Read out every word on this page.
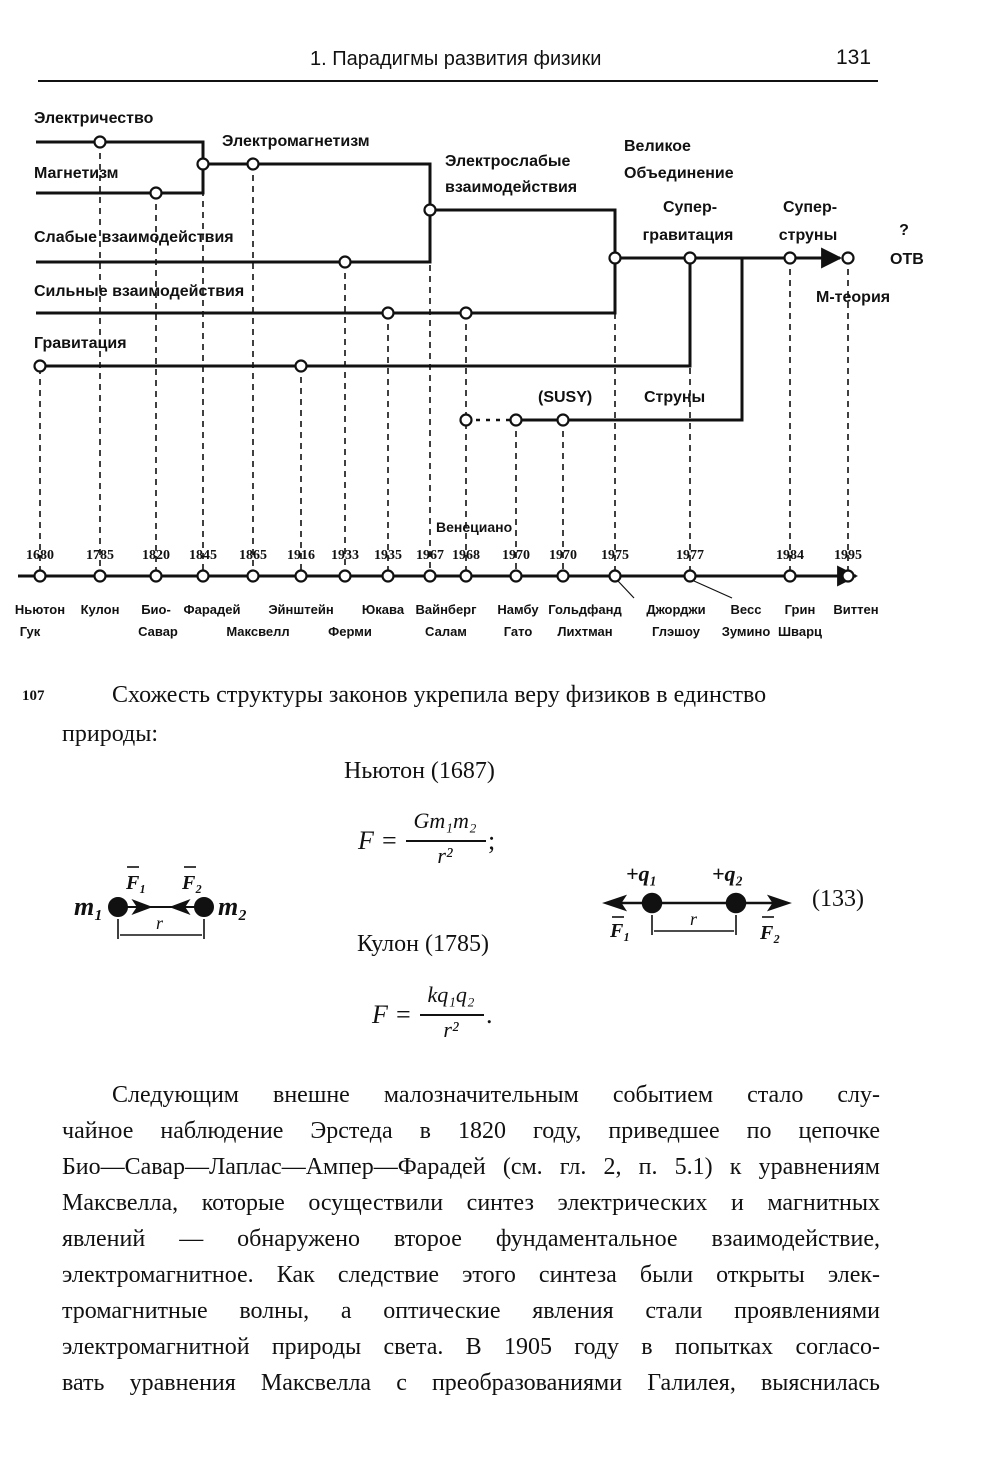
1. Парадигмы развития физики	131
Электричество
Магнетизм
Слабые взаимодействия
Сильные взаимодействия
Гравитация
Электромагнетизм
Электрослабые
взаимодействия
Великое
Объединение
Супер-
гравитация
Супер-
струны	?
ОТВ
М-теория
(SUSY)	Струны
Венециано
1680 1785 1820 1845 1865 1916 1933 1935 1967 1968 1970 1970 1975	1977	1984 1995
Ньютон
Гук
Кулон Био-
Савар
Фарадей
Максвелл
Эйнштейн
Ферми
Юкава Вайнберг
Салам
Намбу
Гато
Гольдфанд
Лихтман
Джорджи
Глэшоу
Весс
Зумино
Грин
Шварц
Виттен
107	Схожесть структуры законов укрепила веру физиков в единство
природы:
Ньютон (1687)
F =
Gm₁m₂
r²
;
Кулон (1785)
F =
kq₁q₂
r²
.
m₁	m₂
F₁ F₂
r
+q₁ +q₂
F₁	F₂
r
(133)
Следующим внешне малозначительным событием стало слу-
чайное наблюдение Эрстеда в 1820 году, приведшее по цепочке
Био—Савар—Лаплас—Ампер—Фарадей (см. гл. 2, п. 5.1) к уравнениям
Максвелла, которые осуществили синтез электрических и магнитных
явлений — обнаружено второе фундаментальное взаимодействие,
электромагнитное. Как следствие этого синтеза были открыты элек-
тромагнитные волны, а оптические явления стали проявлениями
электромагнитной природы света. В 1905 году в попытках согласо-
вать уравнения Максвелла с преобразованиями Галилея, выяснилась
